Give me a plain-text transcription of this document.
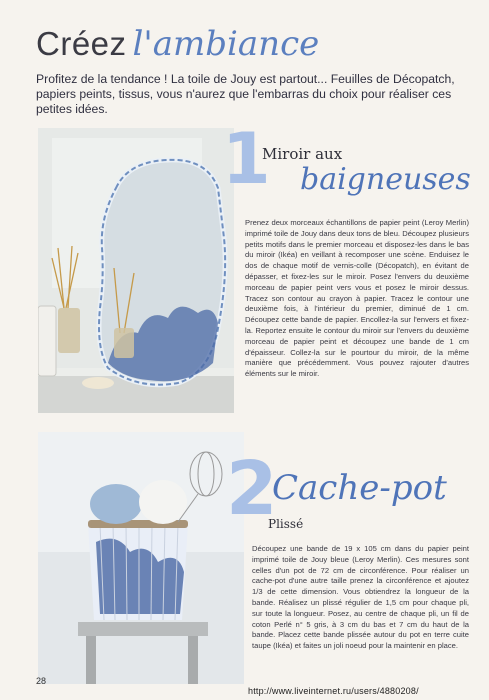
Créez l'ambiance

Profitez de la tendance ! La toile de Jouy est partout... Feuilles de Décopatch, papiers peints, tissus, vous n'aurez que l'embarras du choix pour réaliser ces petites idées.

1
Miroir aux
baigneuses

Prenez deux morceaux échantillons de papier peint (Leroy Merlin) imprimé toile de Jouy dans deux tons de bleu. Découpez plusieurs petits motifs dans le premier morceau et disposez-les dans le bas du miroir (Ikéa) en veillant à recomposer une scène. Enduisez le dos de chaque motif de vernis-colle (Décopatch), en évitant de dépasser, et fixez-les sur le miroir. Posez l'envers du deuxième morceau de papier peint vers vous et posez le miroir dessus. Tracez son contour au crayon à papier. Tracez le contour une deuxième fois, à l'intérieur du premier, diminué de 1 cm. Découpez cette bande de papier. Encollez-la sur l'envers et fixez-la. Reportez ensuite le contour du miroir sur l'envers du deuxième morceau de papier peint et découpez une bande de 1 cm d'épaisseur. Collez-la sur le pourtour du miroir, de la même manière que précédemment. Vous pouvez rajouter d'autres éléments sur le miroir.

2
Cache-pot
Plissé

Découpez une bande de 19 x 105 cm dans du papier peint imprimé toile de Jouy bleue (Leroy Merlin). Ces mesures sont celles d'un pot de 72 cm de circonférence. Pour réaliser un cache-pot d'une autre taille prenez la circonférence et ajoutez 1/3 de cette dimension. Vous obtiendrez la longueur de la bande. Réalisez un plissé régulier de 1,5 cm pour chaque pli, sur toute la longueur. Posez, au centre de chaque pli, un fil de coton Perlé n° 5 gris, à 3 cm du bas et 7 cm du haut de la bande. Placez cette bande plissée autour du pot en terre cuite taupe (Ikéa) et faites un joli noeud pour la maintenir en place.

28
http://www.liveinternet.ru/users/4880208/
